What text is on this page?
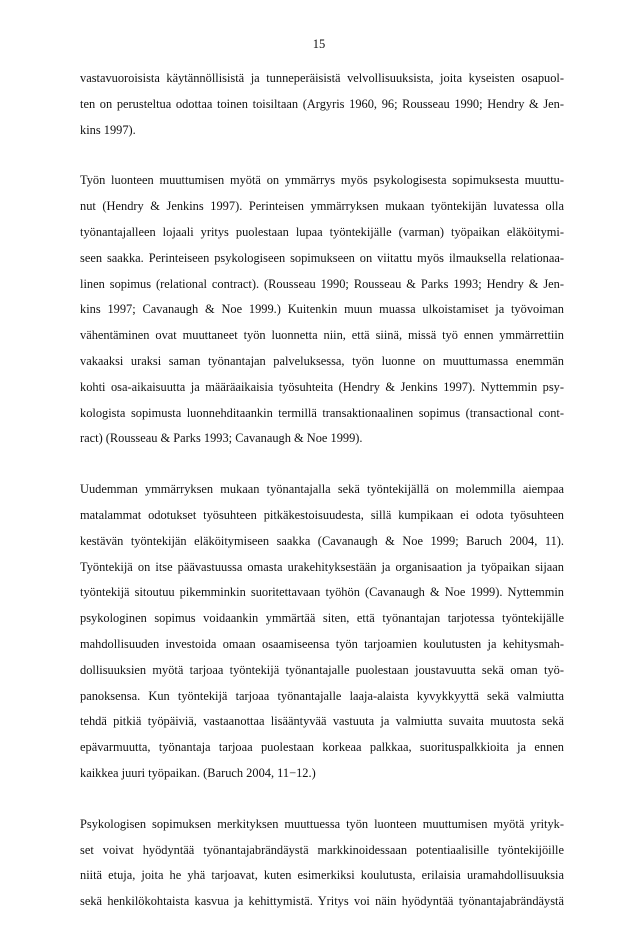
15
vastavuoroisista käytännöllisistä ja tunneperäisistä velvollisuuksista, joita kyseisten osapuol-
ten on perusteltua odottaa toinen toisiltaan (Argyris 1960, 96; Rousseau 1990; Hendry & Jen-
kins 1997).
Työn luonteen muuttumisen myötä on ymmärrys myös psykologisesta sopimuksesta muuttu-
nut (Hendry & Jenkins 1997). Perinteisen ymmärryksen mukaan työntekijän luvatessa olla
työnantajalleen lojaali yritys puolestaan lupaa työntekijälle (varman) työpaikan eläköitymi-
seen saakka. Perinteiseen psykologiseen sopimukseen on viitattu myös ilmauksella relationaa-
linen sopimus (relational contract). (Rousseau 1990; Rousseau & Parks 1993; Hendry & Jen-
kins 1997; Cavanaugh & Noe 1999.) Kuitenkin muun muassa ulkoistamiset ja työvoiman
vähentäminen ovat muuttaneet työn luonnetta niin, että siinä, missä työ ennen ymmärrettiin
vakaaksi uraksi saman työnantajan palveluksessa, työn luonne on muuttumassa enemmän
kohti osa-aikaisuutta ja määräaikaisia työsuhteita (Hendry & Jenkins 1997). Nyttemmin psy-
kologista sopimusta luonnehditaankin termillä transaktionaalinen sopimus (transactional cont-
ract) (Rousseau & Parks 1993; Cavanaugh & Noe 1999).
Uudemman ymmärryksen mukaan työnantajalla sekä työntekijällä on molemmilla aiempaa
matalammat odotukset työsuhteen pitkäkestoisuudesta, sillä kumpikaan ei odota työsuhteen
kestävän työntekijän eläköitymiseen saakka (Cavanaugh & Noe 1999; Baruch 2004, 11).
Työntekijä on itse päävastuussa omasta urakehityksestään ja organisaation ja työpaikan sijaan
työntekijä sitoutuu pikemminkin suoritettavaan työhön (Cavanaugh & Noe 1999). Nyttemmin
psykologinen sopimus voidaankin ymmärtää siten, että työnantajan tarjotessa työntekijälle
mahdollisuuden investoida omaan osaamiseensa työn tarjoamien koulutusten ja kehitysmah-
dollisuuksien myötä tarjoaa työntekijä työnantajalle puolestaan joustavuutta sekä oman työ-
panoksensa. Kun työntekijä tarjoaa työnantajalle laaja-alaista kyvykkyyttä sekä valmiutta
tehdä pitkiä työpäiviä, vastaanottaa lisääntyvää vastuuta ja valmiutta suvaita muutosta sekä
epävarmuutta, työnantaja tarjoaa puolestaan korkeaa palkkaa, suorituspalkkioita ja ennen
kaikkea juuri työpaikan. (Baruch 2004, 11−12.)
Psykologisen sopimuksen merkityksen muuttuessa työn luonteen muuttumisen myötä yrityk-
set voivat hyödyntää työnantajabrändäystä markkinoidessaan potentiaalisille työntekijöille
niitä etuja, joita he yhä tarjoavat, kuten esimerkiksi koulutusta, erilaisia uramahdollisuuksia
sekä henkilökohtaista kasvua ja kehittymistä. Yritys voi näin hyödyntää työnantajabrändäystä
